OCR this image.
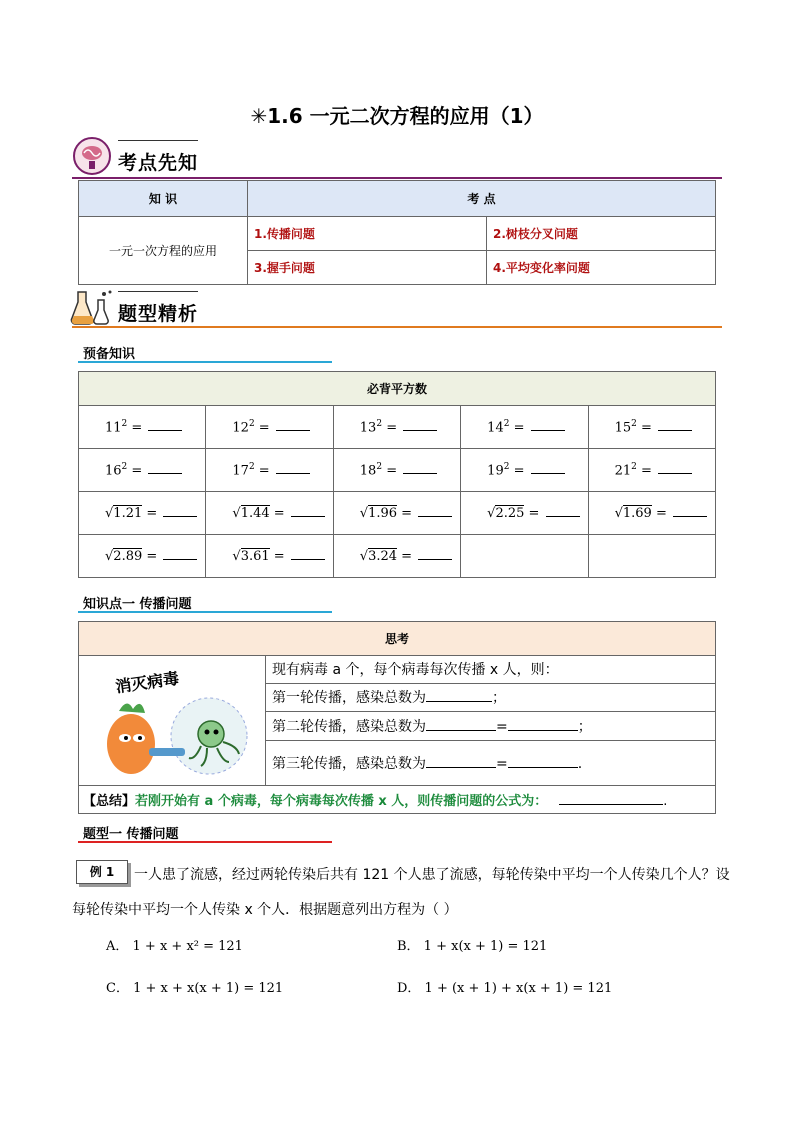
✳1.6 一元二次方程的应用（1）
考点先知
知 识	考 点	
一元一次方程的应用	1.传播问题	2.树枝分叉问题
	3.握手问题	4.平均变化率问题
题型精析
预备知识
必背平方数				
$11^2$ =	$12^2$ =	$13^2$ =	$14^2$ =	$15^2$ =
$16^2$ =	$17^2$ =	$18^2$ =	$19^2$ =	$21^2$ =
√1.21 =	√1.44 =	√1.96 =	√2.25 =	√1.69 =
√2.89 =	√3.61 =	√3.24 =		
知识点一 传播问题
思考

消灭病毒	现有病毒 a 个，每个病毒每次传播 x 人，则：
第一轮传播，感染总数为	；
第二轮传播，感染总数为	=	；
第三轮传播，感染总数为	=	.
【总结】若刚开始有 a 个病毒，每个病毒每次传播 x 人，则传播问题的公式为：	.
题型一 传播问题
例 1	一人患了流感，经过两轮传染后共有 121 个人患了流感，每轮传染中平均一个人传染几个人？设
每轮传染中平均一个人传染 x 个人．根据题意列出方程为（ ）
A． 1 + x + x² = 121	B． 1 + x(x + 1) = 121
C． 1 + x + x(x + 1) = 121	D． 1 + (x + 1) + x(x + 1) = 121
